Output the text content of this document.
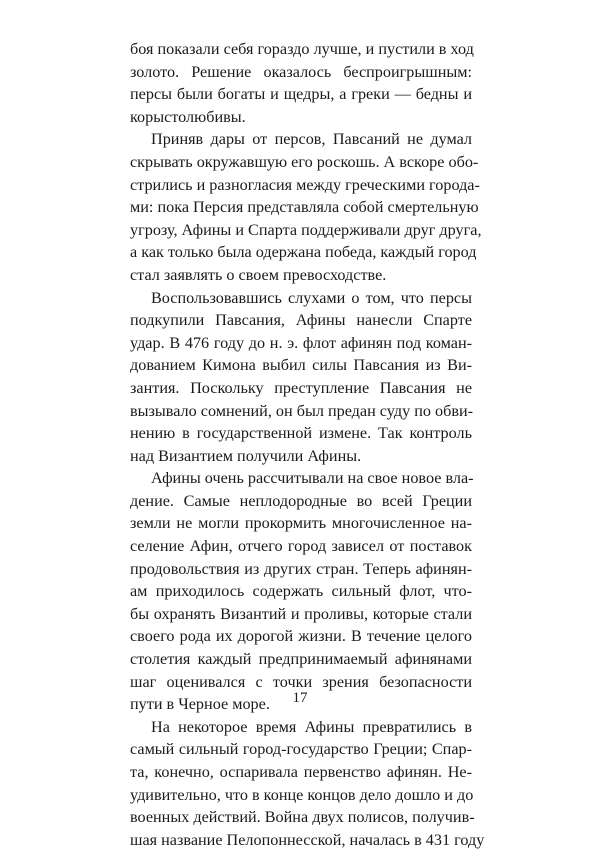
боя показали себя гораздо лучше, и пустили в ход
золото. Решение оказалось беспроигрышным:
персы были богаты и щедры, а греки — бедны и
корыстолюбивы.
Приняв дары от персов, Павсаний не думал
скрывать окружавшую его роскошь. А вскоре обо-
стрились и разногласия между греческими города-
ми: пока Персия представляла собой смертельную
угрозу, Афины и Спарта поддерживали друг друга,
а как только была одержана победа, каждый город
стал заявлять о своем превосходстве.
Воспользовавшись слухами о том, что персы
подкупили Павсания, Афины нанесли Спарте
удар. В 476 году до н. э. флот афинян под коман-
дованием Кимона выбил силы Павсания из Ви-
зантия. Поскольку преступление Павсания не
вызывало сомнений, он был предан суду по обви-
нению в государственной измене. Так контроль
над Византием получили Афины.
Афины очень рассчитывали на свое новое вла-
дение. Самые неплодородные во всей Греции
земли не могли прокормить многочисленное на-
селение Афин, отчего город зависел от поставок
продовольствия из других стран. Теперь афинян-
ам приходилось содержать сильный флот, что-
бы охранять Византий и проливы, которые стали
своего рода их дорогой жизни. В течение целого
столетия каждый предпринимаемый афинянами
шаг оценивался с точки зрения безопасности
пути в Черное море.
На некоторое время Афины превратились в
самый сильный город-государство Греции; Спар-
та, конечно, оспаривала первенство афинян. Не-
удивительно, что в конце концов дело дошло и до
военных действий. Война двух полисов, получив-
шая название Пелопоннесской, началась в 431 году
17
